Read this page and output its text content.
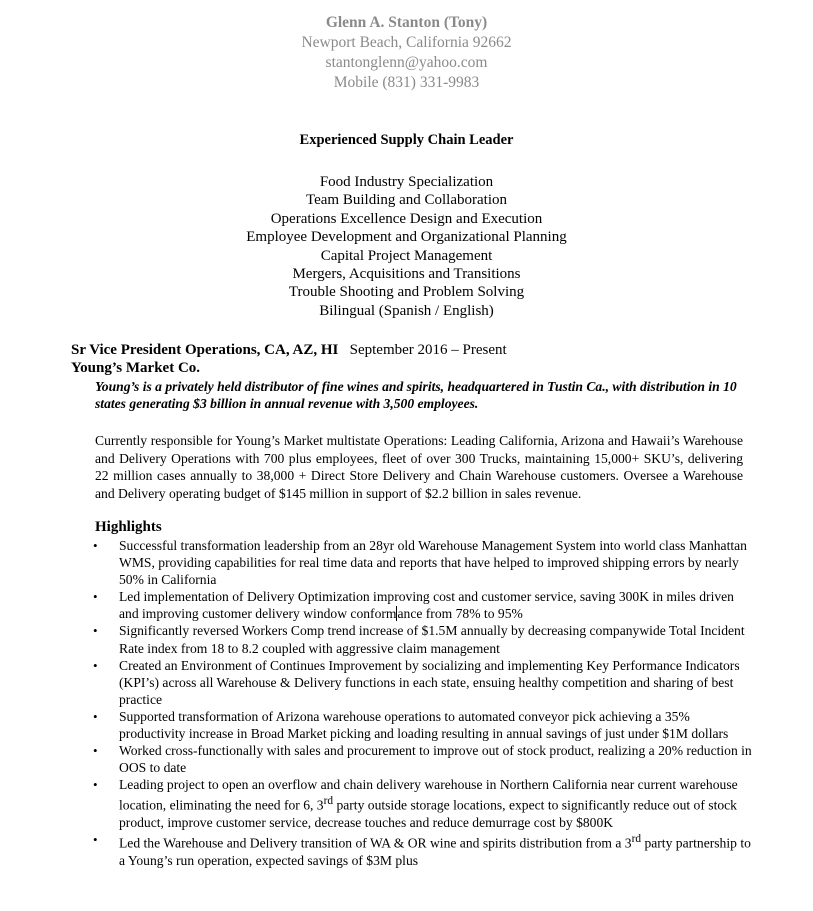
Glenn A. Stanton (Tony)
Newport Beach, California 92662
stantonglenn@yahoo.com
Mobile (831) 331-9983
Experienced Supply Chain Leader
Food Industry Specialization
Team Building and Collaboration
Operations Excellence Design and Execution
Employee Development and Organizational Planning
Capital Project Management
Mergers, Acquisitions and Transitions
Trouble Shooting and Problem Solving
Bilingual (Spanish / English)
Sr Vice President Operations, CA, AZ, HI September 2016 – Present
Young’s Market Co.
Young’s is a privately held distributor of fine wines and spirits, headquartered in Tustin Ca., with distribution in 10 states generating $3 billion in annual revenue with 3,500 employees.
Currently responsible for Young’s Market multistate Operations: Leading California, Arizona and Hawaii’s Warehouse and Delivery Operations with 700 plus employees, fleet of over 300 Trucks, maintaining 15,000+ SKU’s, delivering 22 million cases annually to 38,000 + Direct Store Delivery and Chain Warehouse customers. Oversee a Warehouse and Delivery operating budget of $145 million in support of $2.2 billion in sales revenue.
Highlights
• Successful transformation leadership from an 28yr old Warehouse Management System into world class Manhattan WMS, providing capabilities for real time data and reports that have helped to improved shipping errors by nearly 50% in California
• Led implementation of Delivery Optimization improving cost and customer service, saving 300K in miles driven and improving customer delivery window conformance from 78% to 95%
• Significantly reversed Workers Comp trend increase of $1.5M annually by decreasing companywide Total Incident Rate index from 18 to 8.2 coupled with aggressive claim management
• Created an Environment of Continues Improvement by socializing and implementing Key Performance Indicators (KPI’s) across all Warehouse & Delivery functions in each state, ensuing healthy competition and sharing of best practice
• Supported transformation of Arizona warehouse operations to automated conveyor pick achieving a 35% productivity increase in Broad Market picking and loading resulting in annual savings of just under $1M dollars
• Worked cross-functionally with sales and procurement to improve out of stock product, realizing a 20% reduction in OOS to date
• Leading project to open an overflow and chain delivery warehouse in Northern California near current warehouse location, eliminating the need for 6, 3rd party outside storage locations, expect to significantly reduce out of stock product, improve customer service, decrease touches and reduce demurrage cost by $800K
• Led the Warehouse and Delivery transition of WA & OR wine and spirits distribution from a 3rd party partnership to a Young’s run operation, expected savings of $3M plus
